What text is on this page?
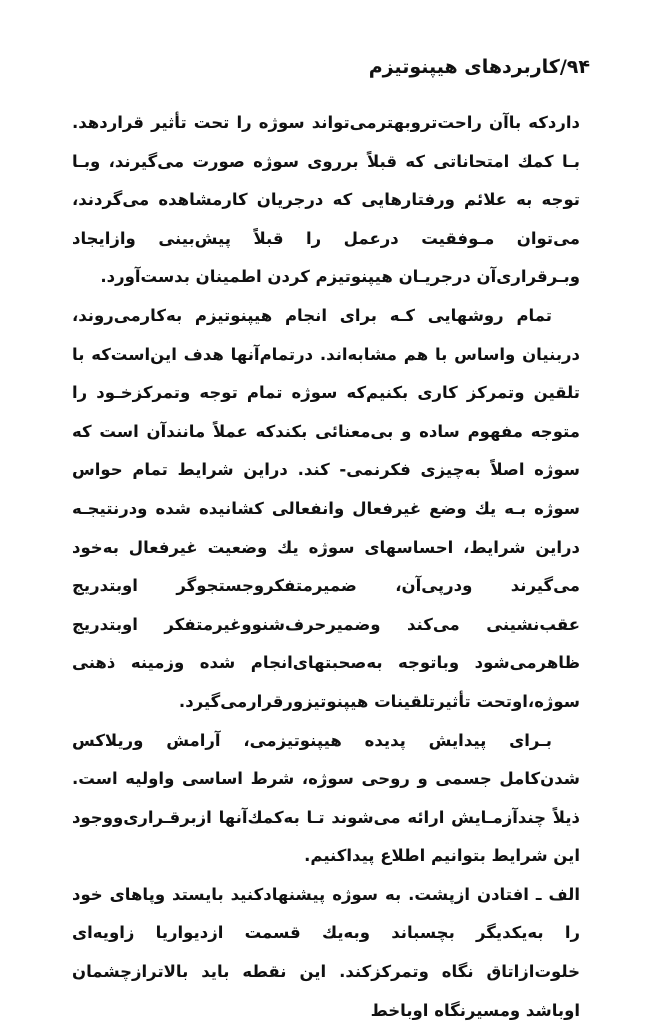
۹۴/کاربردهای هیپنوتیزم

داردکه باآن راحت‌تروبهترمی‌تواند سوژه را تحت تأثیر قراردهد. بـا کمك امتحاناتی که قبلاً برروی سوژه صورت می‌گیرند، وبـا توجه به علائم ورفتارهایی که درجریان کارمشاهده می‌گردند، می‌توان مـوفقیت درعمل را قبلاً پیش‌بینی وازایجاد وبـرقراری‌آن درجریـان هیپنوتیزم کردن اطمینان بدست‌آورد.

تمام روشهایی کـه برای انجام هیپنوتیزم به‌کارمی‌روند، دربنیان واساس با هم مشابه‌اند. درتمام‌آنها هدف این‌است‌که با تلقین وتمرکز کاری بکنیم‌که سوژه تمام توجه وتمرکزخـود را متوجه مفهوم ساده و بی‌معنائی بکندکه عملاً مانندآن است که سوژه اصلاً به‌چیزی فکرنمی- کند. دراین شرایط تمام حواس سوژه بـه یك وضع غیرفعال وانفعالی کشانیده شده ودرنتیجـه دراین شرایط، احساسهای سوژه یك وضعیت غیرفعال به‌خود می‌گیرند ودرپی‌آن، ضمیرمتفکروجستجوگر اوبتدریج عقب‌نشینی می‌کند وضمیرحرف‌شنووغیرمتفکر اوبتدریج ظاهرمی‌شود وباتوجه به‌صحبتهای‌انجام شده وزمینه ذهنی سوژه،اوتحت تأثیرتلقینات هیپنوتیزورقرارمی‌گیرد.

بـرای پیدایش پدیده هیپنوتیزمی، آرامش وریلاکس شدن‌کامل جسمی و روحی سوژه، شرط اساسی واولیه است. ذیلاً چندآزمـایش ارائه می‌شوند تـا به‌کمك‌آنها ازبرقـراری‌ووجود این شرایط بتوانیم اطلاع پیداکنیم.

الف ـ افتادن ازپشت. به سوژه پیشنهادکنید بایستد وپاهای خود را به‌یکدیگر بچسباند وبه‌یك قسمت ازدیواریا زاویه‌ای خلوت‌ازاتاق نگاه وتمرکزکند. این نقطه باید بالاترازچشمان اوباشد ومسیرنگاه اوباخط
